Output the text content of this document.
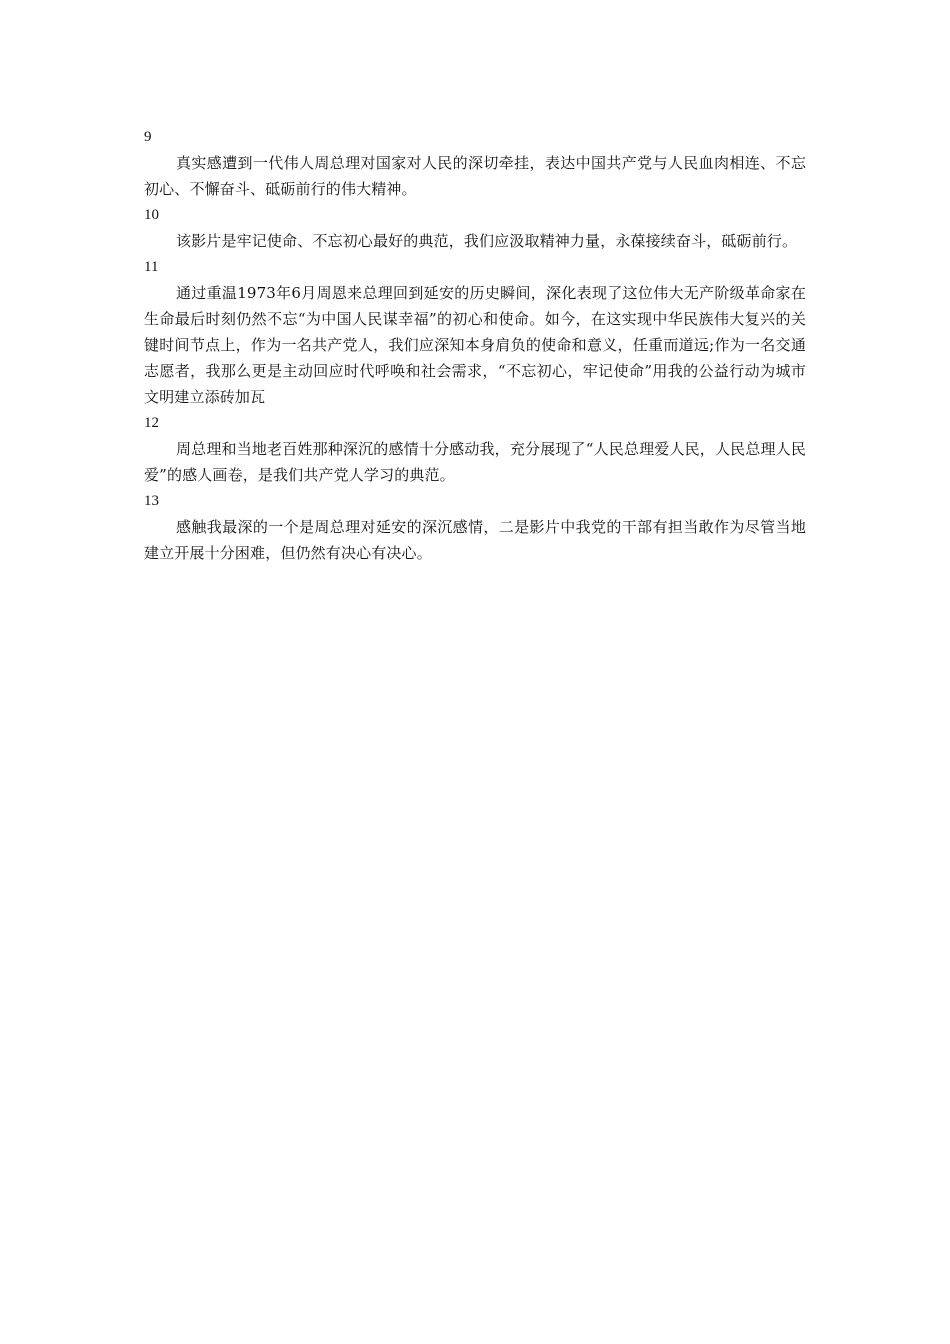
9

真实感遭到一代伟人周总理对国家对人民的深切牵挂，表达中国共产党与人民血肉相连、不忘初心、不懈奋斗、砥砺前行的伟大精神。

10

该影片是牢记使命、不忘初心最好的典范，我们应汲取精神力量，永葆接续奋斗，砥砺前行。

11

通过重温1973年6月周恩来总理回到延安的历史瞬间，深化表现了这位伟大无产阶级革命家在生命最后时刻仍然不忘“为中国人民谋幸福”的初心和使命。如今，在这实现中华民族伟大复兴的关键时间节点上，作为一名共产党人，我们应深知本身肩负的使命和意义，任重而道远;作为一名交通志愿者，我那么更是主动回应时代呼唤和社会需求，“不忘初心，牢记使命”用我的公益行动为城市文明建立添砖加瓦

12

周总理和当地老百姓那种深沉的感情十分感动我，充分展现了“人民总理爱人民，人民总理人民爱”的感人画卷，是我们共产党人学习的典范。

13

感触我最深的一个是周总理对延安的深沉感情，二是影片中我党的干部有担当敢作为尽管当地建立开展十分困难，但仍然有决心有决心。
